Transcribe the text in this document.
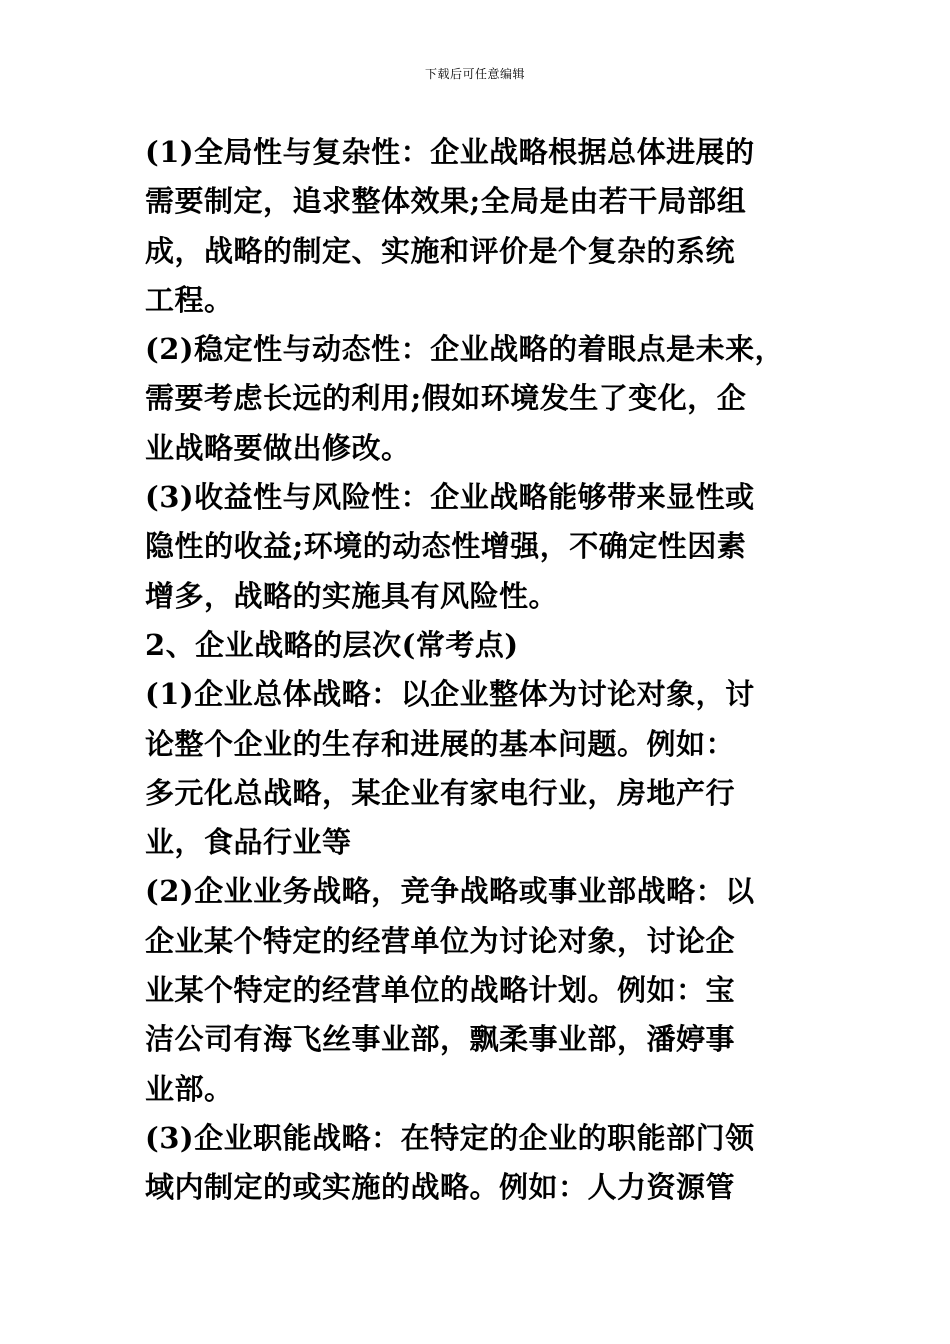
下载后可任意编辑
(1)全局性与复杂性：企业战略根据总体进展的
需要制定，追求整体效果;全局是由若干局部组
成，战略的制定、实施和评价是个复杂的系统
工程。
(2)稳定性与动态性：企业战略的着眼点是未来，
需要考虑长远的利用;假如环境发生了变化，企
业战略要做出修改。
(3)收益性与风险性：企业战略能够带来显性或
隐性的收益;环境的动态性增强，不确定性因素
增多，战略的实施具有风险性。
2、企业战略的层次(常考点)
(1)企业总体战略：以企业整体为讨论对象，讨
论整个企业的生存和进展的基本问题。例如：
多元化总战略，某企业有家电行业，房地产行
业，食品行业等
(2)企业业务战略，竞争战略或事业部战略：以
企业某个特定的经营单位为讨论对象，讨论企
业某个特定的经营单位的战略计划。例如：宝
洁公司有海飞丝事业部，飘柔事业部，潘婷事
业部。
(3)企业职能战略：在特定的企业的职能部门领
域内制定的或实施的战略。例如：人力资源管
